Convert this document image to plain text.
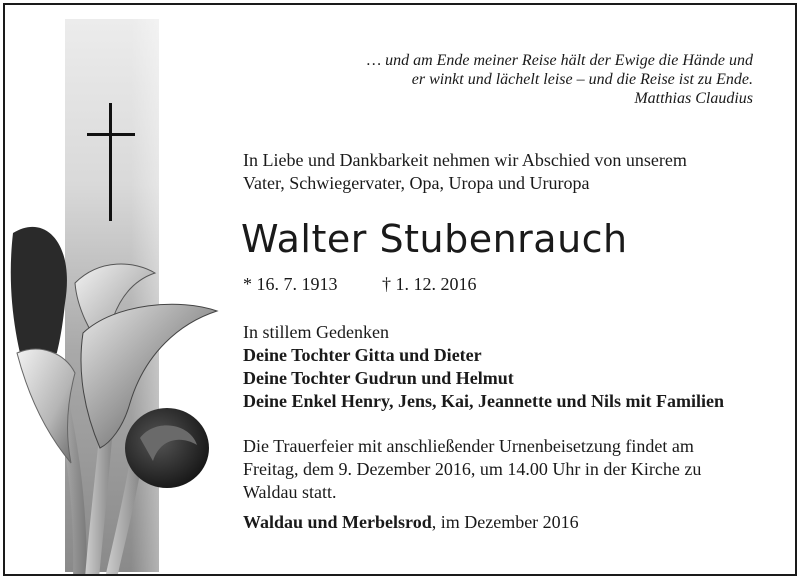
… und am Ende meiner Reise hält der Ewige die Hände und

er winkt und lächelt leise – und die Reise ist zu Ende.

Matthias Claudius

In Liebe und Dankbarkeit nehmen wir Abschied von unserem
Vater, Schwiegervater, Opa, Uropa und Ururopa
Walter Stubenrauch
* 16. 7. 1913 † 1. 12. 2016
In stillem Gedenken
Deine Tochter Gitta und Dieter
Deine Tochter Gudrun und Helmut
Deine Enkel Henry, Jens, Kai, Jeannette und Nils mit Familien
Die Trauerfeier mit anschließender Urnenbeisetzung findet am
Freitag, dem 9. Dezember 2016, um 14.00 Uhr in der Kirche zu
Waldau statt.
Waldau und Merbelsrod, im Dezember 2016
